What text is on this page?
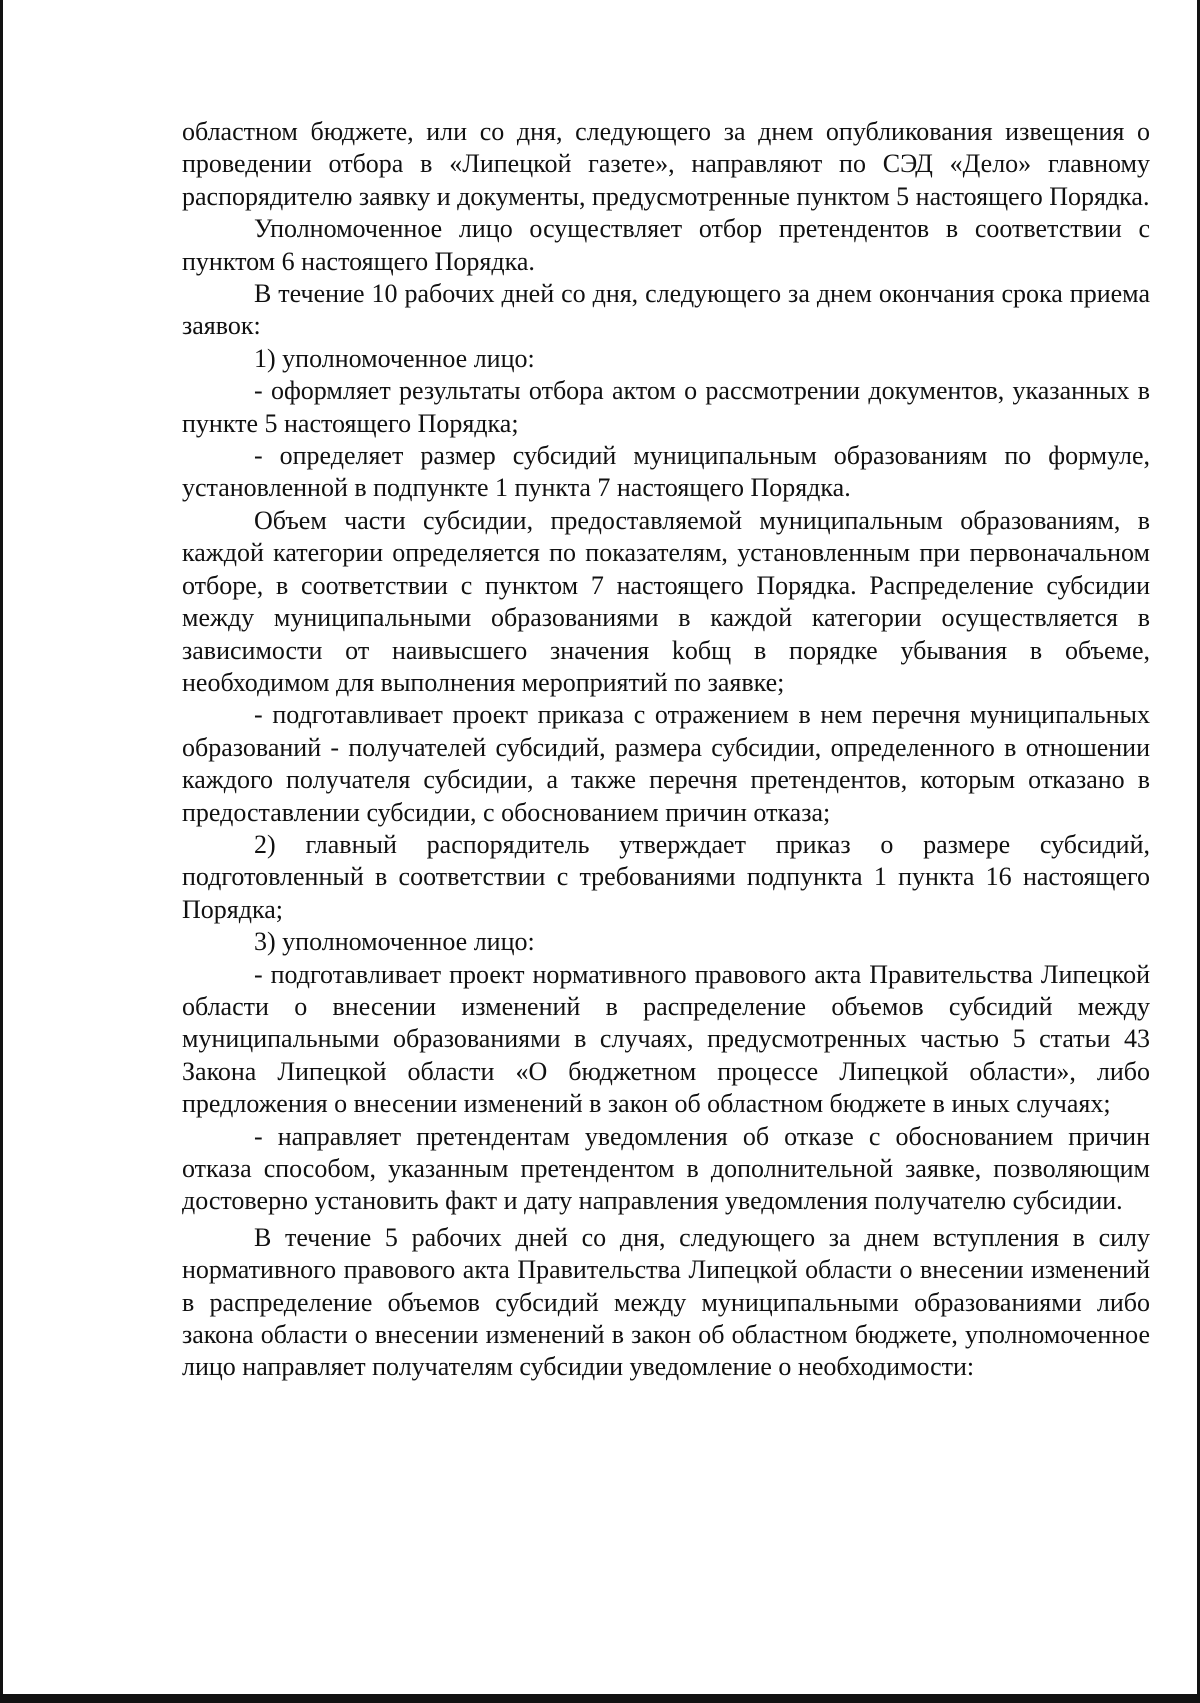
областном бюджете, или со дня, следующего за днем опубликования извещения о проведении отбора в «Липецкой газете», направляют по СЭД «Дело» главному распорядителю заявку и документы, предусмотренные пунктом 5 настоящего Порядка.

Уполномоченное лицо осуществляет отбор претендентов в соответствии с пунктом 6 настоящего Порядка.

В течение 10 рабочих дней со дня, следующего за днем окончания срока приема заявок:

1) уполномоченное лицо:

- оформляет результаты отбора актом о рассмотрении документов, указанных в пункте 5 настоящего Порядка;

- определяет размер субсидий муниципальным образованиям по формуле, установленной в подпункте 1 пункта 7 настоящего Порядка.

Объем части субсидии, предоставляемой муниципальным образованиям, в каждой категории определяется по показателям, установленным при первоначальном отборе, в соответствии с пунктом 7 настоящего Порядка. Распределение субсидии между муниципальными образованиями в каждой категории осуществляется в зависимости от наивысшего значения kобщ в порядке убывания в объеме, необходимом для выполнения мероприятий по заявке;

- подготавливает проект приказа с отражением в нем перечня муниципальных образований - получателей субсидий, размера субсидии, определенного в отношении каждого получателя субсидии, а также перечня претендентов, которым отказано в предоставлении субсидии, с обоснованием причин отказа;

2) главный распорядитель утверждает приказ о размере субсидий, подготовленный в соответствии с требованиями подпункта 1 пункта 16 настоящего Порядка;

3) уполномоченное лицо:

- подготавливает проект нормативного правового акта Правительства Липецкой области о внесении изменений в распределение объемов субсидий между муниципальными образованиями в случаях, предусмотренных частью 5 статьи 43 Закона Липецкой области «О бюджетном процессе Липецкой области», либо предложения о внесении изменений в закон об областном бюджете в иных случаях;

- направляет претендентам уведомления об отказе с обоснованием причин отказа способом, указанным претендентом в дополнительной заявке, позволяющим достоверно установить факт и дату направления уведомления получателю субсидии.

В течение 5 рабочих дней со дня, следующего за днем вступления в силу нормативного правового акта Правительства Липецкой области о внесении изменений в распределение объемов субсидий между муниципальными образованиями либо закона области о внесении изменений в закон об областном бюджете, уполномоченное лицо направляет получателям субсидии уведомление о необходимости:
